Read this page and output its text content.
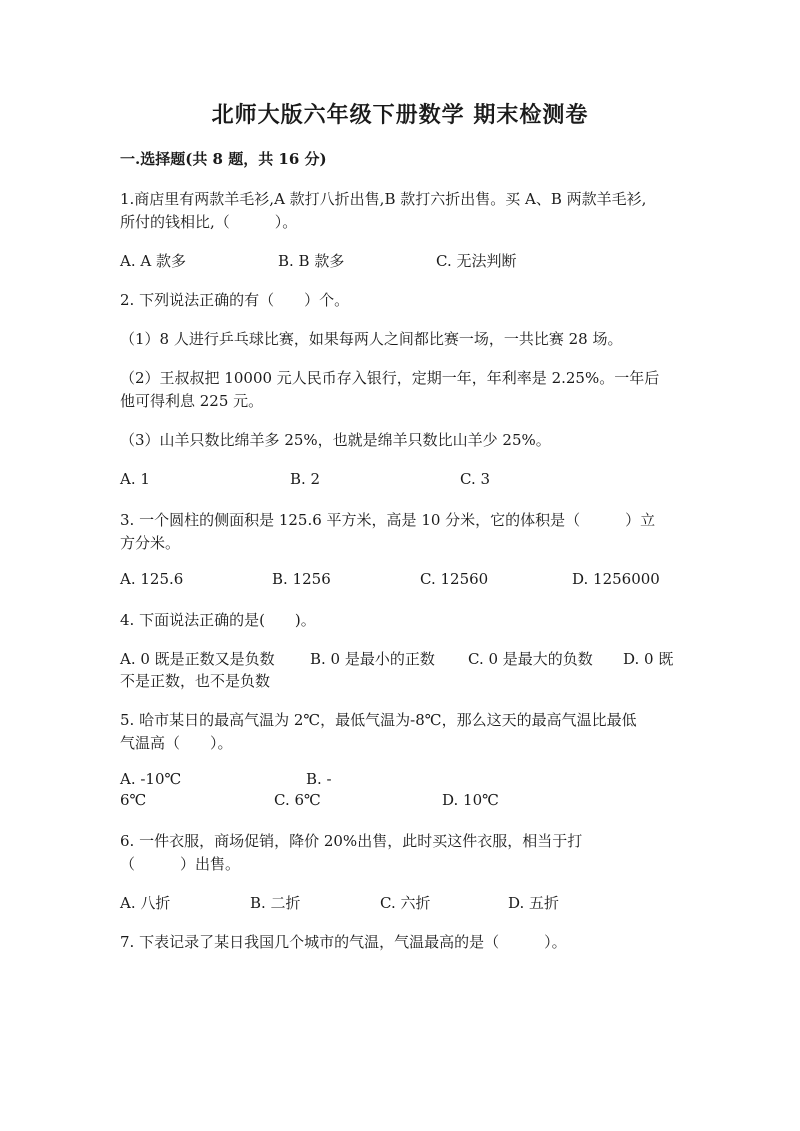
北师大版六年级下册数学 期末检测卷
一.选择题(共 8 题，共 16 分)
1.商店里有两款羊毛衫,A 款打八折出售,B 款打六折出售。买 A、B 两款羊毛衫,
所付的钱相比,（　　　）。
A. A 款多	B. B 款多	C. 无法判断
2. 下列说法正确的有（　　）个。
（1）8 人进行乒乓球比赛，如果每两人之间都比赛一场，一共比赛 28 场。
（2）王叔叔把 10000 元人民币存入银行，定期一年，年利率是 2.25%。一年后
他可得利息 225 元。
（3）山羊只数比绵羊多 25%，也就是绵羊只数比山羊少 25%。
A. 1	B. 2	C. 3
3. 一个圆柱的侧面积是 125.6 平方米，高是 10 分米，它的体积是（　　　）立
方分米。
A. 125.6	B. 1256	C. 12560	D. 1256000
4. 下面说法正确的是(　　)。
A. 0 既是正数又是负数 B. 0 是最小的正数 C. 0 是最大的负数 D. 0 既
不是正数，也不是负数
5. 哈市某日的最高气温为 2℃，最低气温为-8℃，那么这天的最高气温比最低
气温高（　　）。
A. -10℃	B. -
6℃	C. 6℃	D. 10℃
6. 一件衣服，商场促销，降价 20%出售，此时买这件衣服，相当于打
（　　　）出售。
A. 八折	B. 二折	C. 六折	D. 五折
7. 下表记录了某日我国几个城市的气温，气温最高的是（　　　）。
